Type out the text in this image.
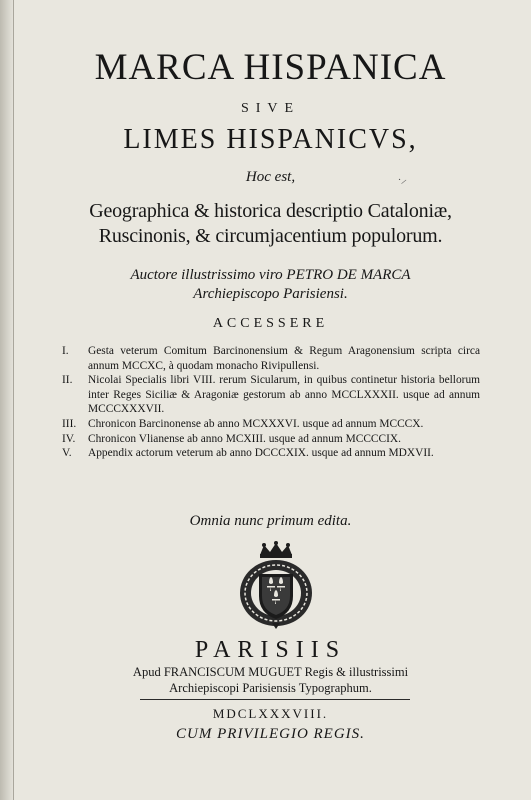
MARCA HISPANICA
SIVE
LIMES HISPANICVS,
Hoc est,	·⸝
Geographica & historica descriptio Cataloniæ,
Ruscinonis, & circumjacentium populorum.
Auctore illustrissimo viro PETRO DE MARCA
Archiepiscopo Parisiensi.
ACCESSERE
I. Gesta veterum Comitum Barcinonensium & Regum Aragonensium scripta circa annum MCCXC, à quodam monacho Rivipullensi.
II. Nicolai Specialis libri VIII. rerum Sicularum, in quibus continetur historia bellorum inter Reges Siciliæ & Aragoniæ gestorum ab anno MCCLXXXII. usque ad annum MCCCXXXVII.
III. Chronicon Barcinonense ab anno MCXXXVI. usque ad annum MCCCX.
IV. Chronicon Vlianense ab anno MCXIII. usque ad annum MCCCCIX.
V. Appendix actorum veterum ab anno DCCCXIX. usque ad annum MDXVII.
Omnia nunc primum edita.
PARISIIS
Apud FRANCISCUM MUGUET Regis & illustrissimi
Archiepiscopi Parisiensis Typographum.
MDCLXXXVIII.
CUM PRIVILEGIO REGIS.
